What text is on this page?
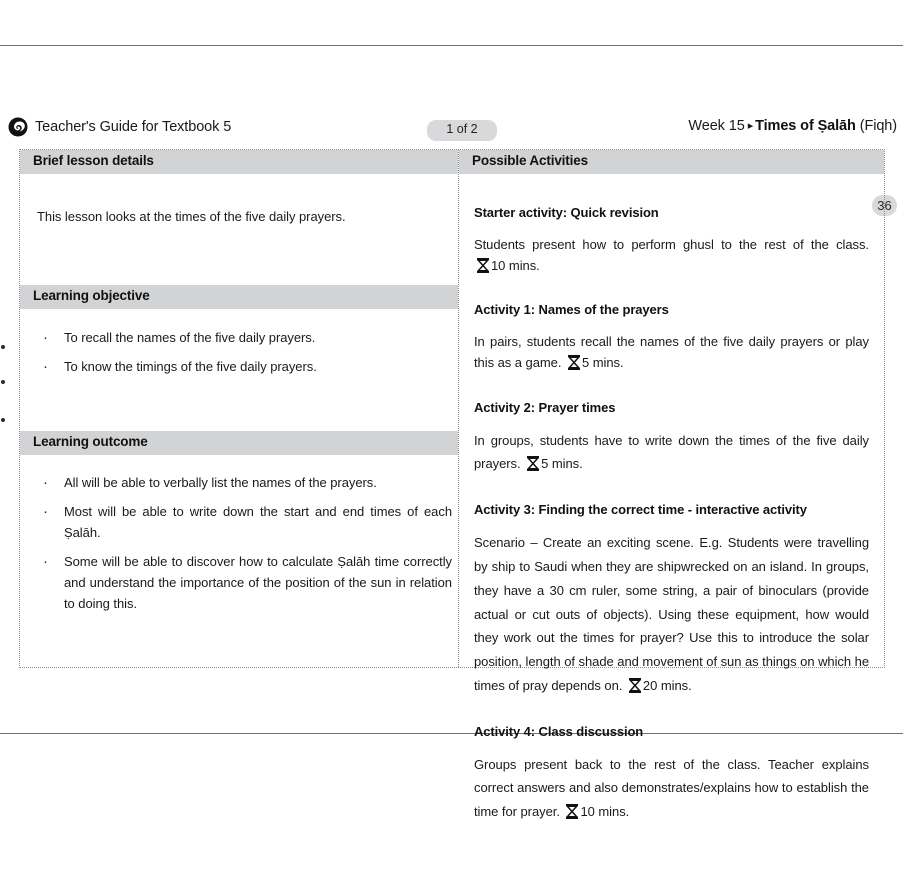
Teacher's Guide for Textbook 5
36
Week 15 ▸ Times of Ṣalāh (Fiqh)
1 of 2
Brief lesson details
This lesson looks at the times of the five daily prayers.
Learning objective
· To recall the names of the five daily prayers.
· To know the timings of the five daily prayers.
Learning outcome
· All will be able to verbally list the names of the prayers.
· Most will be able to write down the start and end times of each Ṣalāh.
· Some will be able to discover how to calculate Ṣalāh time correctly and understand the importance of the position of the sun in relation to doing this.
Possible Activities
Starter activity: Quick revision

Students present how to perform ghusl to the rest of the class.10 mins.

Activity 1: Names of the prayers

In pairs, students recall the names of the five daily prayers or play this as a game. 5 mins.

Activity 2: Prayer times

In groups, students have to write down the times of the five daily prayers. 5 mins.

Activity 3: Finding the correct time - interactive activity

Scenario – Create an exciting scene. E.g. Students were travelling by ship to Saudi when they are shipwrecked on an island. In groups, they have a 30 cm ruler, some string, a pair of binoculars (provide actual or cut outs of objects). Using these equipment, how would they work out the times for prayer? Use this to introduce the solar position, length of shade and movement of sun as things on which he times of pray depends on. 20 mins.

Activity 4: Class discussion

Groups present back to the rest of the class. Teacher explains correct answers and also demonstrates/explains how to establish the time for prayer. 10 mins.
